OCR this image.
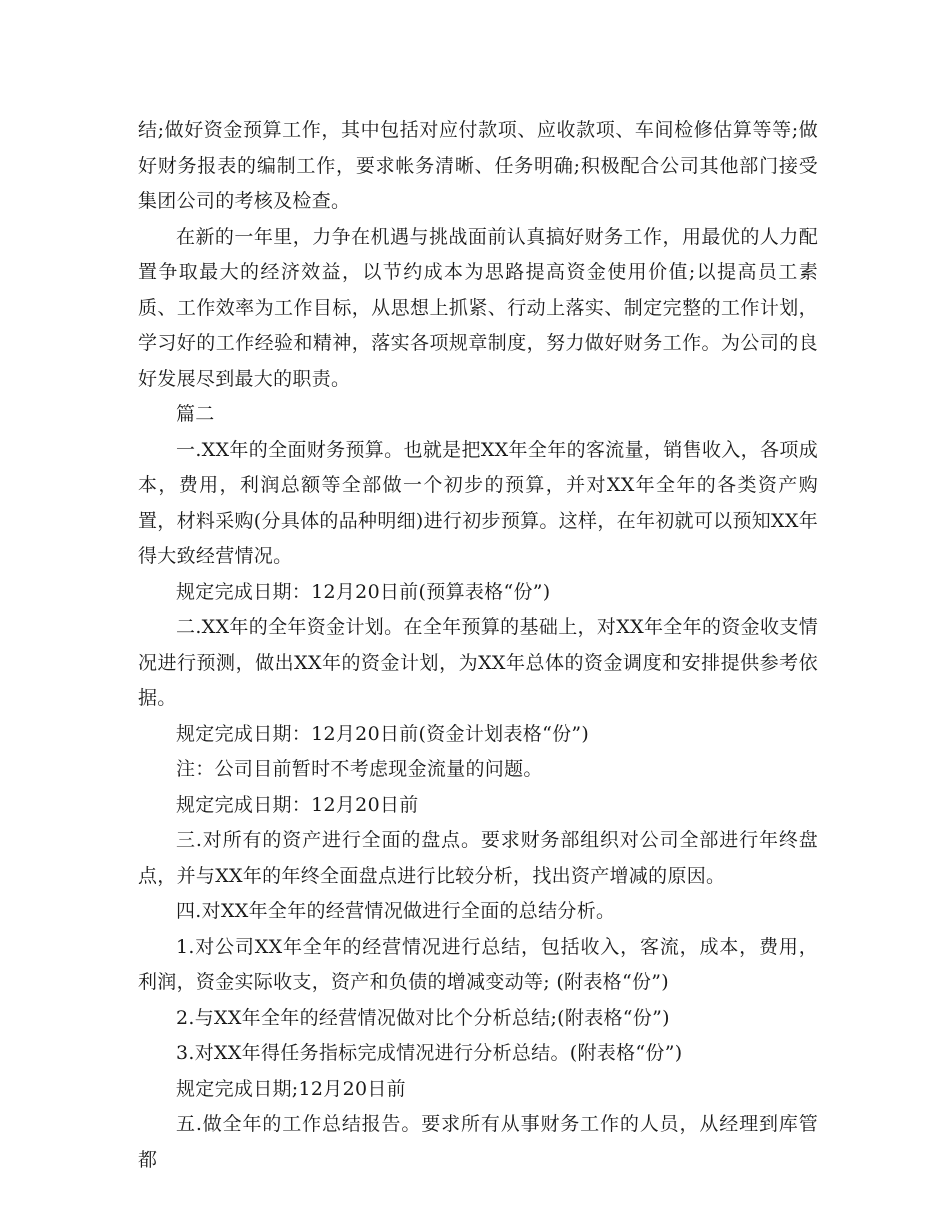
结;做好资金预算工作，其中包括对应付款项、应收款项、车间检修估算等等;做好财务报表的编制工作，要求帐务清晰、任务明确;积极配合公司其他部门接受集团公司的考核及检查。

在新的一年里，力争在机遇与挑战面前认真搞好财务工作，用最优的人力配置争取最大的经济效益，以节约成本为思路提高资金使用价值;以提高员工素质、工作效率为工作目标，从思想上抓紧、行动上落实、制定完整的工作计划，学习好的工作经验和精神，落实各项规章制度，努力做好财务工作。为公司的良好发展尽到最大的职责。

篇二

一.XX年的全面财务预算。也就是把XX年全年的客流量，销售收入，各项成本，费用，利润总额等全部做一个初步的预算，并对XX年全年的各类资产购置，材料采购(分具体的品种明细)进行初步预算。这样，在年初就可以预知XX年得大致经营情况。

规定完成日期：12月20日前(预算表格“份”)

二.XX年的全年资金计划。在全年预算的基础上，对XX年全年的资金收支情况进行预测，做出XX年的资金计划，为XX年总体的资金调度和安排提供参考依据。

规定完成日期：12月20日前(资金计划表格“份”)

注：公司目前暂时不考虑现金流量的问题。

规定完成日期：12月20日前

三.对所有的资产进行全面的盘点。要求财务部组织对公司全部进行年终盘点，并与XX年的年终全面盘点进行比较分析，找出资产增减的原因。

四.对XX年全年的经营情况做进行全面的总结分析。

1.对公司XX年全年的经营情况进行总结，包括收入，客流，成本，费用，利润，资金实际收支，资产和负债的增减变动等; (附表格“份”)

2.与XX年全年的经营情况做对比个分析总结;(附表格“份”)

3.对XX年得任务指标完成情况进行分析总结。(附表格“份”)

规定完成日期;12月20日前

五.做全年的工作总结报告。要求所有从事财务工作的人员，从经理到库管都
